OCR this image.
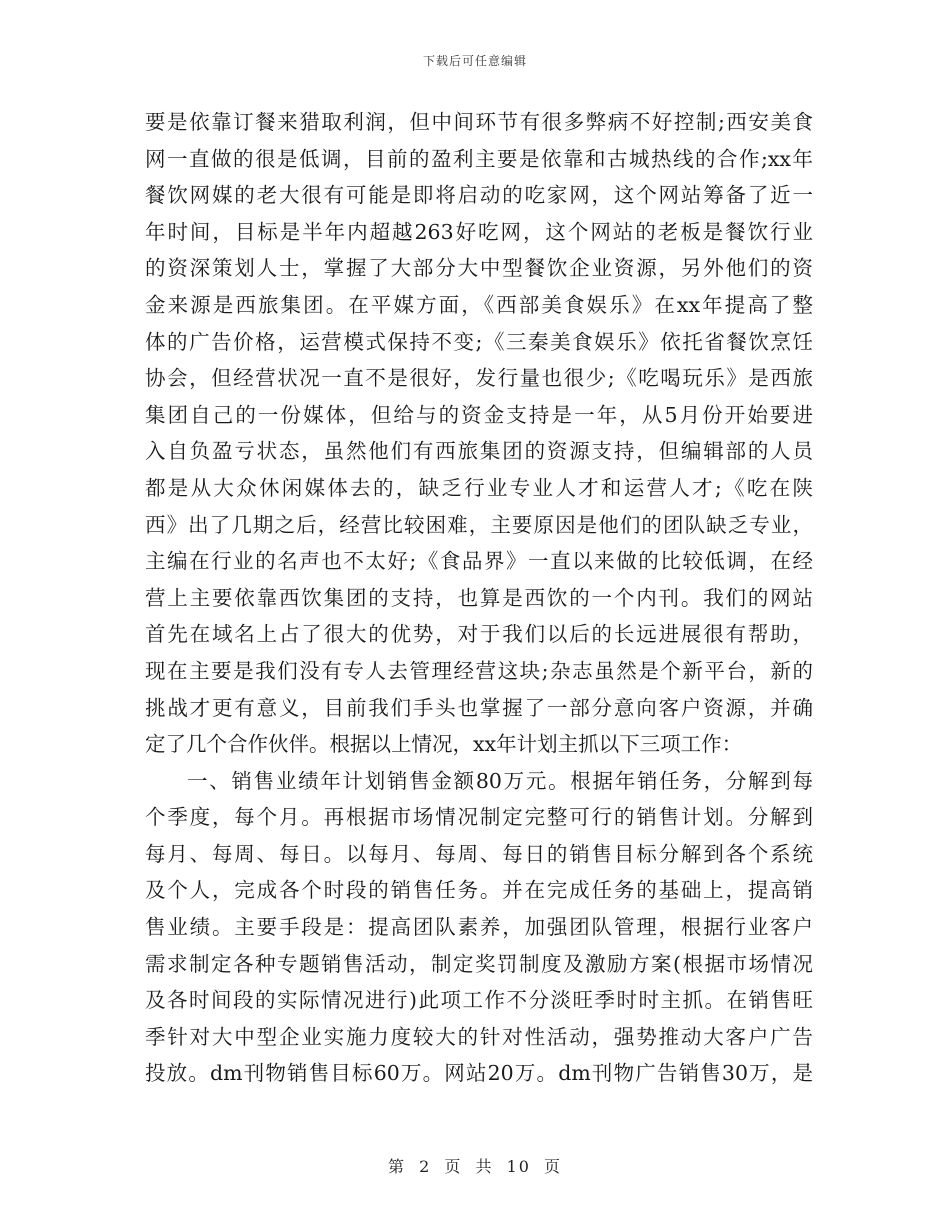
下载后可任意编辑
要是依靠订餐来猎取利润，但中间环节有很多弊病不好控制;西安美食
网一直做的很是低调，目前的盈利主要是依靠和古城热线的合作;xx年
餐饮网媒的老大很有可能是即将启动的吃家网，这个网站筹备了近一
年时间，目标是半年内超越263好吃网，这个网站的老板是餐饮行业
的资深策划人士，掌握了大部分大中型餐饮企业资源，另外他们的资
金来源是西旅集团。在平媒方面，《西部美食娱乐》在xx年提高了整
体的广告价格，运营模式保持不变;《三秦美食娱乐》依托省餐饮烹饪
协会，但经营状况一直不是很好，发行量也很少;《吃喝玩乐》是西旅
集团自己的一份媒体，但给与的资金支持是一年，从5月份开始要进
入自负盈亏状态，虽然他们有西旅集团的资源支持，但编辑部的人员
都是从大众休闲媒体去的，缺乏行业专业人才和运营人才;《吃在陕
西》出了几期之后，经营比较困难，主要原因是他们的团队缺乏专业，
主编在行业的名声也不太好;《食品界》一直以来做的比较低调，在经
营上主要依靠西饮集团的支持，也算是西饮的一个内刊。我们的网站
首先在域名上占了很大的优势，对于我们以后的长远进展很有帮助，
现在主要是我们没有专人去管理经营这块;杂志虽然是个新平台，新的
挑战才更有意义，目前我们手头也掌握了一部分意向客户资源，并确
定了几个合作伙伴。根据以上情况，xx年计划主抓以下三项工作：
一、销售业绩年计划销售金额80万元。根据年销任务，分解到每
个季度，每个月。再根据市场情况制定完整可行的销售计划。分解到
每月、每周、每日。以每月、每周、每日的销售目标分解到各个系统
及个人，完成各个时段的销售任务。并在完成任务的基础上，提高销
售业绩。主要手段是：提高团队素养，加强团队管理，根据行业客户
需求制定各种专题销售活动，制定奖罚制度及激励方案(根据市场情况
及各时间段的实际情况进行)此项工作不分淡旺季时时主抓。在销售旺
季针对大中型企业实施力度较大的针对性活动，强势推动大客户广告
投放。dm刊物销售目标60万。网站20万。dm刊物广告销售30万，是
第 2 页 共 10 页
